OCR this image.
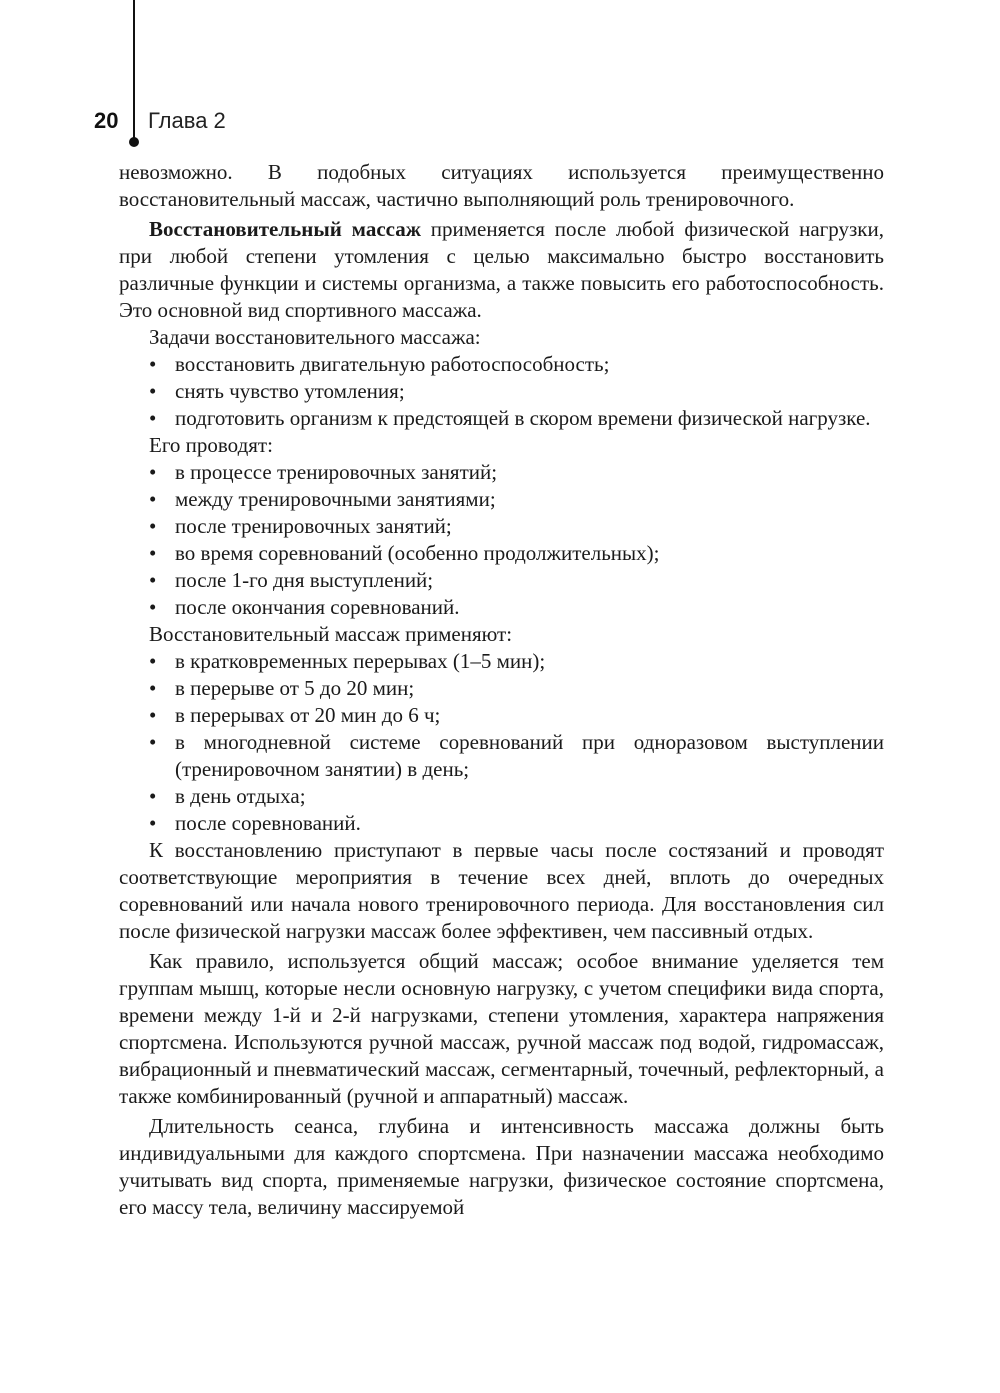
20 Глава 2

невозможно. В подобных ситуациях используется преимущественно восстановительный массаж, частично выполняющий роль тренировочного.

Восстановительный массаж применяется после любой физической нагрузки, при любой степени утомления с целью максимально быстро восстановить различные функции и системы организма, а также повысить его работоспособность. Это основной вид спортивного массажа.

Задачи восстановительного массажа:

• восстановить двигательную работоспособность;
• снять чувство утомления;
• подготовить организм к предстоящей в скором времени физической нагрузке.

Его проводят:

• в процессе тренировочных занятий;
• между тренировочными занятиями;
• после тренировочных занятий;
• во время соревнований (особенно продолжительных);
• после 1-го дня выступлений;
• после окончания соревнований.

Восстановительный массаж применяют:

• в кратковременных перерывах (1–5 мин);
• в перерыве от 5 до 20 мин;
• в перерывах от 20 мин до 6 ч;
• в многодневной системе соревнований при одноразовом выступлении (тренировочном занятии) в день;
• в день отдыха;
• после соревнований.

К восстановлению приступают в первые часы после состязаний и проводят соответствующие мероприятия в течение всех дней, вплоть до очередных соревнований или начала нового тренировочного периода. Для восстановления сил после физической нагрузки массаж более эффективен, чем пассивный отдых.

Как правило, используется общий массаж; особое внимание уделяется тем группам мышц, которые несли основную нагрузку, с учетом специфики вида спорта, времени между 1-й и 2-й нагрузками, степени утомления, характера напряжения спортсмена. Используются ручной массаж, ручной массаж под водой, гидромассаж, вибрационный и пневматический массаж, сегментарный, точечный, рефлекторный, а также комбинированный (ручной и аппаратный) массаж.

Длительность сеанса, глубина и интенсивность массажа должны быть индивидуальными для каждого спортсмена. При назначении массажа необходимо учитывать вид спорта, применяемые нагрузки, физическое состояние спортсмена, его массу тела, величину массируемой
